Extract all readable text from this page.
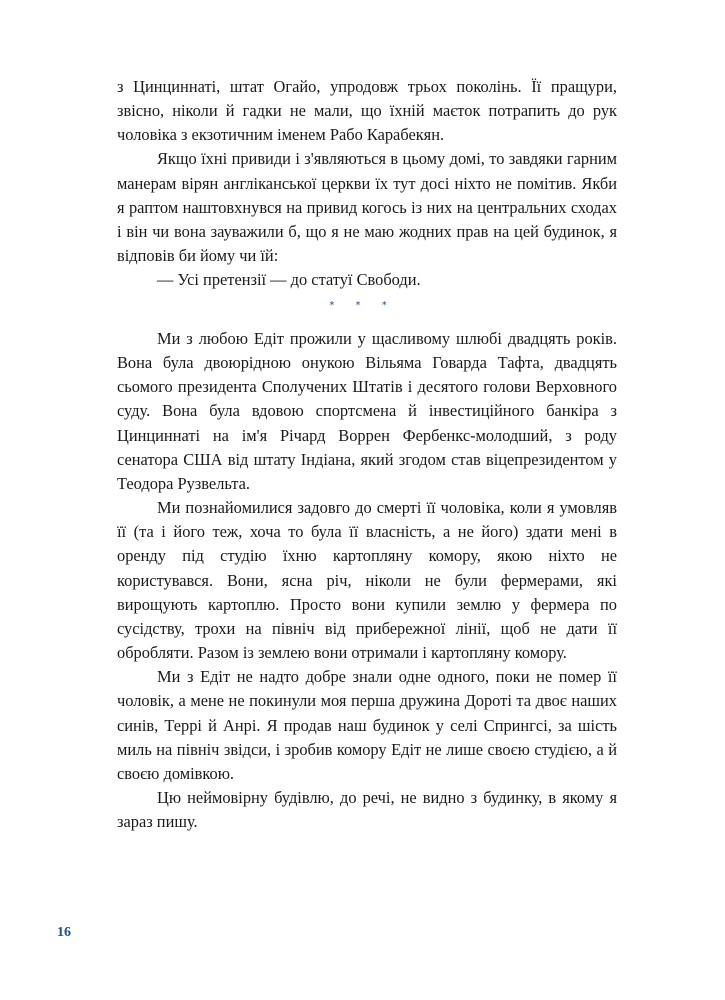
з Цинциннаті, штат Огайо, упродовж трьох поколінь. Її пращури, звісно, ніколи й гадки не мали, що їхній маєток потрапить до рук чоловіка з екзотичним іменем Рабо Карабекян.

Якщо їхні привиди і з'являються в цьому домі, то завдяки гарним манерам вірян англіканської церкви їх тут досі ніхто не помітив. Якби я раптом наштовхнувся на привид когось із них на центральних сходах і він чи вона зауважили б, що я не маю жодних прав на цей будинок, я відповів би йому чи їй:

— Усі претензії — до статуї Свободи.

* * *

Ми з любою Едіт прожили у щасливому шлюбі двадцять років. Вона була двоюрідною онукою Вільяма Говарда Тафта, двадцять сьомого президента Сполучених Штатів і десятого голови Верховного суду. Вона була вдовою спортсмена й інвестиційного банкіра з Цинциннаті на ім'я Річард Воррен Фербенкс-молодший, з роду сенатора США від штату Індіана, який згодом став віцепрезидентом у Теодора Рузвельта.

Ми познайомилися задовго до смерті її чоловіка, коли я умовляв її (та і його теж, хоча то була її власність, а не його) здати мені в оренду під студію їхню картопляну комору, якою ніхто не користувався. Вони, ясна річ, ніколи не були фермерами, які вирощують картоплю. Просто вони купили землю у фермера по сусідству, трохи на північ від прибережної лінії, щоб не дати її обробляти. Разом із землею вони отримали і картопляну комору.

Ми з Едіт не надто добре знали одне одного, поки не помер її чоловік, а мене не покинули моя перша дружина Дороті та двоє наших синів, Террі й Анрі. Я продав наш будинок у селі Спрингсі, за шість миль на північ звідси, і зробив комору Едіт не лише своєю студією, а й своєю домівкою.

Цю неймовірну будівлю, до речі, не видно з будинку, в якому я зараз пишу.

16
